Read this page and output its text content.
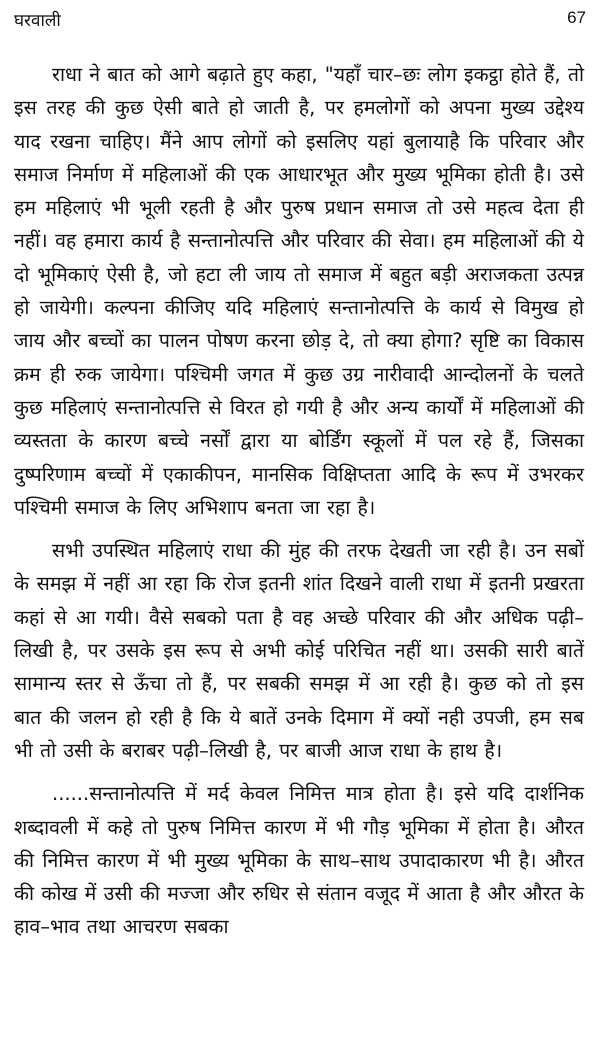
घरवाली	67

राधा ने बात को आगे बढ़ाते हुए कहा, "यहाँ चार–छः लोग इकट्ठा होते हैं, तो इस तरह की कुछ ऐसी बाते हो जाती है, पर हमलोगों को अपना मुख्य उद्देश्य याद रखना चाहिए। मैंने आप लोगों को इसलिए यहां बुलायाहै कि परिवार और समाज निर्माण में महिलाओं की एक आधारभूत और मुख्य भूमिका होती है। उसे हम महिलाएं भी भूली रहती है और पुरुष प्रधान समाज तो उसे महत्व देता ही नहीं। वह हमारा कार्य है सन्तानोत्पत्ति और परिवार की सेवा। हम महिलाओं की ये दो भूमिकाएं ऐसी है, जो हटा ली जाय तो समाज में बहुत बड़ी अराजकता उत्पन्न हो जायेगी। कल्पना कीजिए यदि महिलाएं सन्तानोत्पत्ति के कार्य से विमुख हो जाय और बच्चों का पालन पोषण करना छोड़ दे, तो क्या होगा? सृष्टि का विकास क्रम ही रुक जायेगा। पश्चिमी जगत में कुछ उग्र नारीवादी आन्दोलनों के चलते कुछ महिलाएं सन्तानोत्पत्ति से विरत हो गयी है और अन्य कार्यों में महिलाओं की व्यस्तता के कारण बच्चे नर्सों द्वारा या बोर्डिंग स्कूलों में पल रहे हैं, जिसका दुष्परिणाम बच्चों में एकाकीपन, मानसिक विक्षिप्तता आदि के रूप में उभरकर पश्चिमी समाज के लिए अभिशाप बनता जा रहा है।

सभी उपस्थित महिलाएं राधा की मुंह की तरफ देखती जा रही है। उन सबों के समझ में नहीं आ रहा कि रोज इतनी शांत दिखने वाली राधा में इतनी प्रखरता कहां से आ गयी। वैसे सबको पता है वह अच्छे परिवार की और अधिक पढ़ी–लिखी है, पर उसके इस रूप से अभी कोई परिचित नहीं था। उसकी सारी बातें सामान्य स्तर से ऊँचा तो हैं, पर सबकी समझ में आ रही है। कुछ को तो इस बात की जलन हो रही है कि ये बातें उनके दिमाग में क्यों नही उपजी, हम सब भी तो उसी के बराबर पढ़ी–लिखी है, पर बाजी आज राधा के हाथ है।

......सन्तानोत्पत्ति में मर्द केवल निमित्त मात्र होता है। इसे यदि दार्शनिक शब्दावली में कहे तो पुरुष निमित्त कारण में भी गौड़ भूमिका में होता है। औरत की निमित्त कारण में भी मुख्य भूमिका के साथ–साथ उपादाकारण भी है। औरत की कोख में उसी की मज्जा और रुधिर से संतान वजूद में आता है और औरत के हाव–भाव तथा आचरण सबका
